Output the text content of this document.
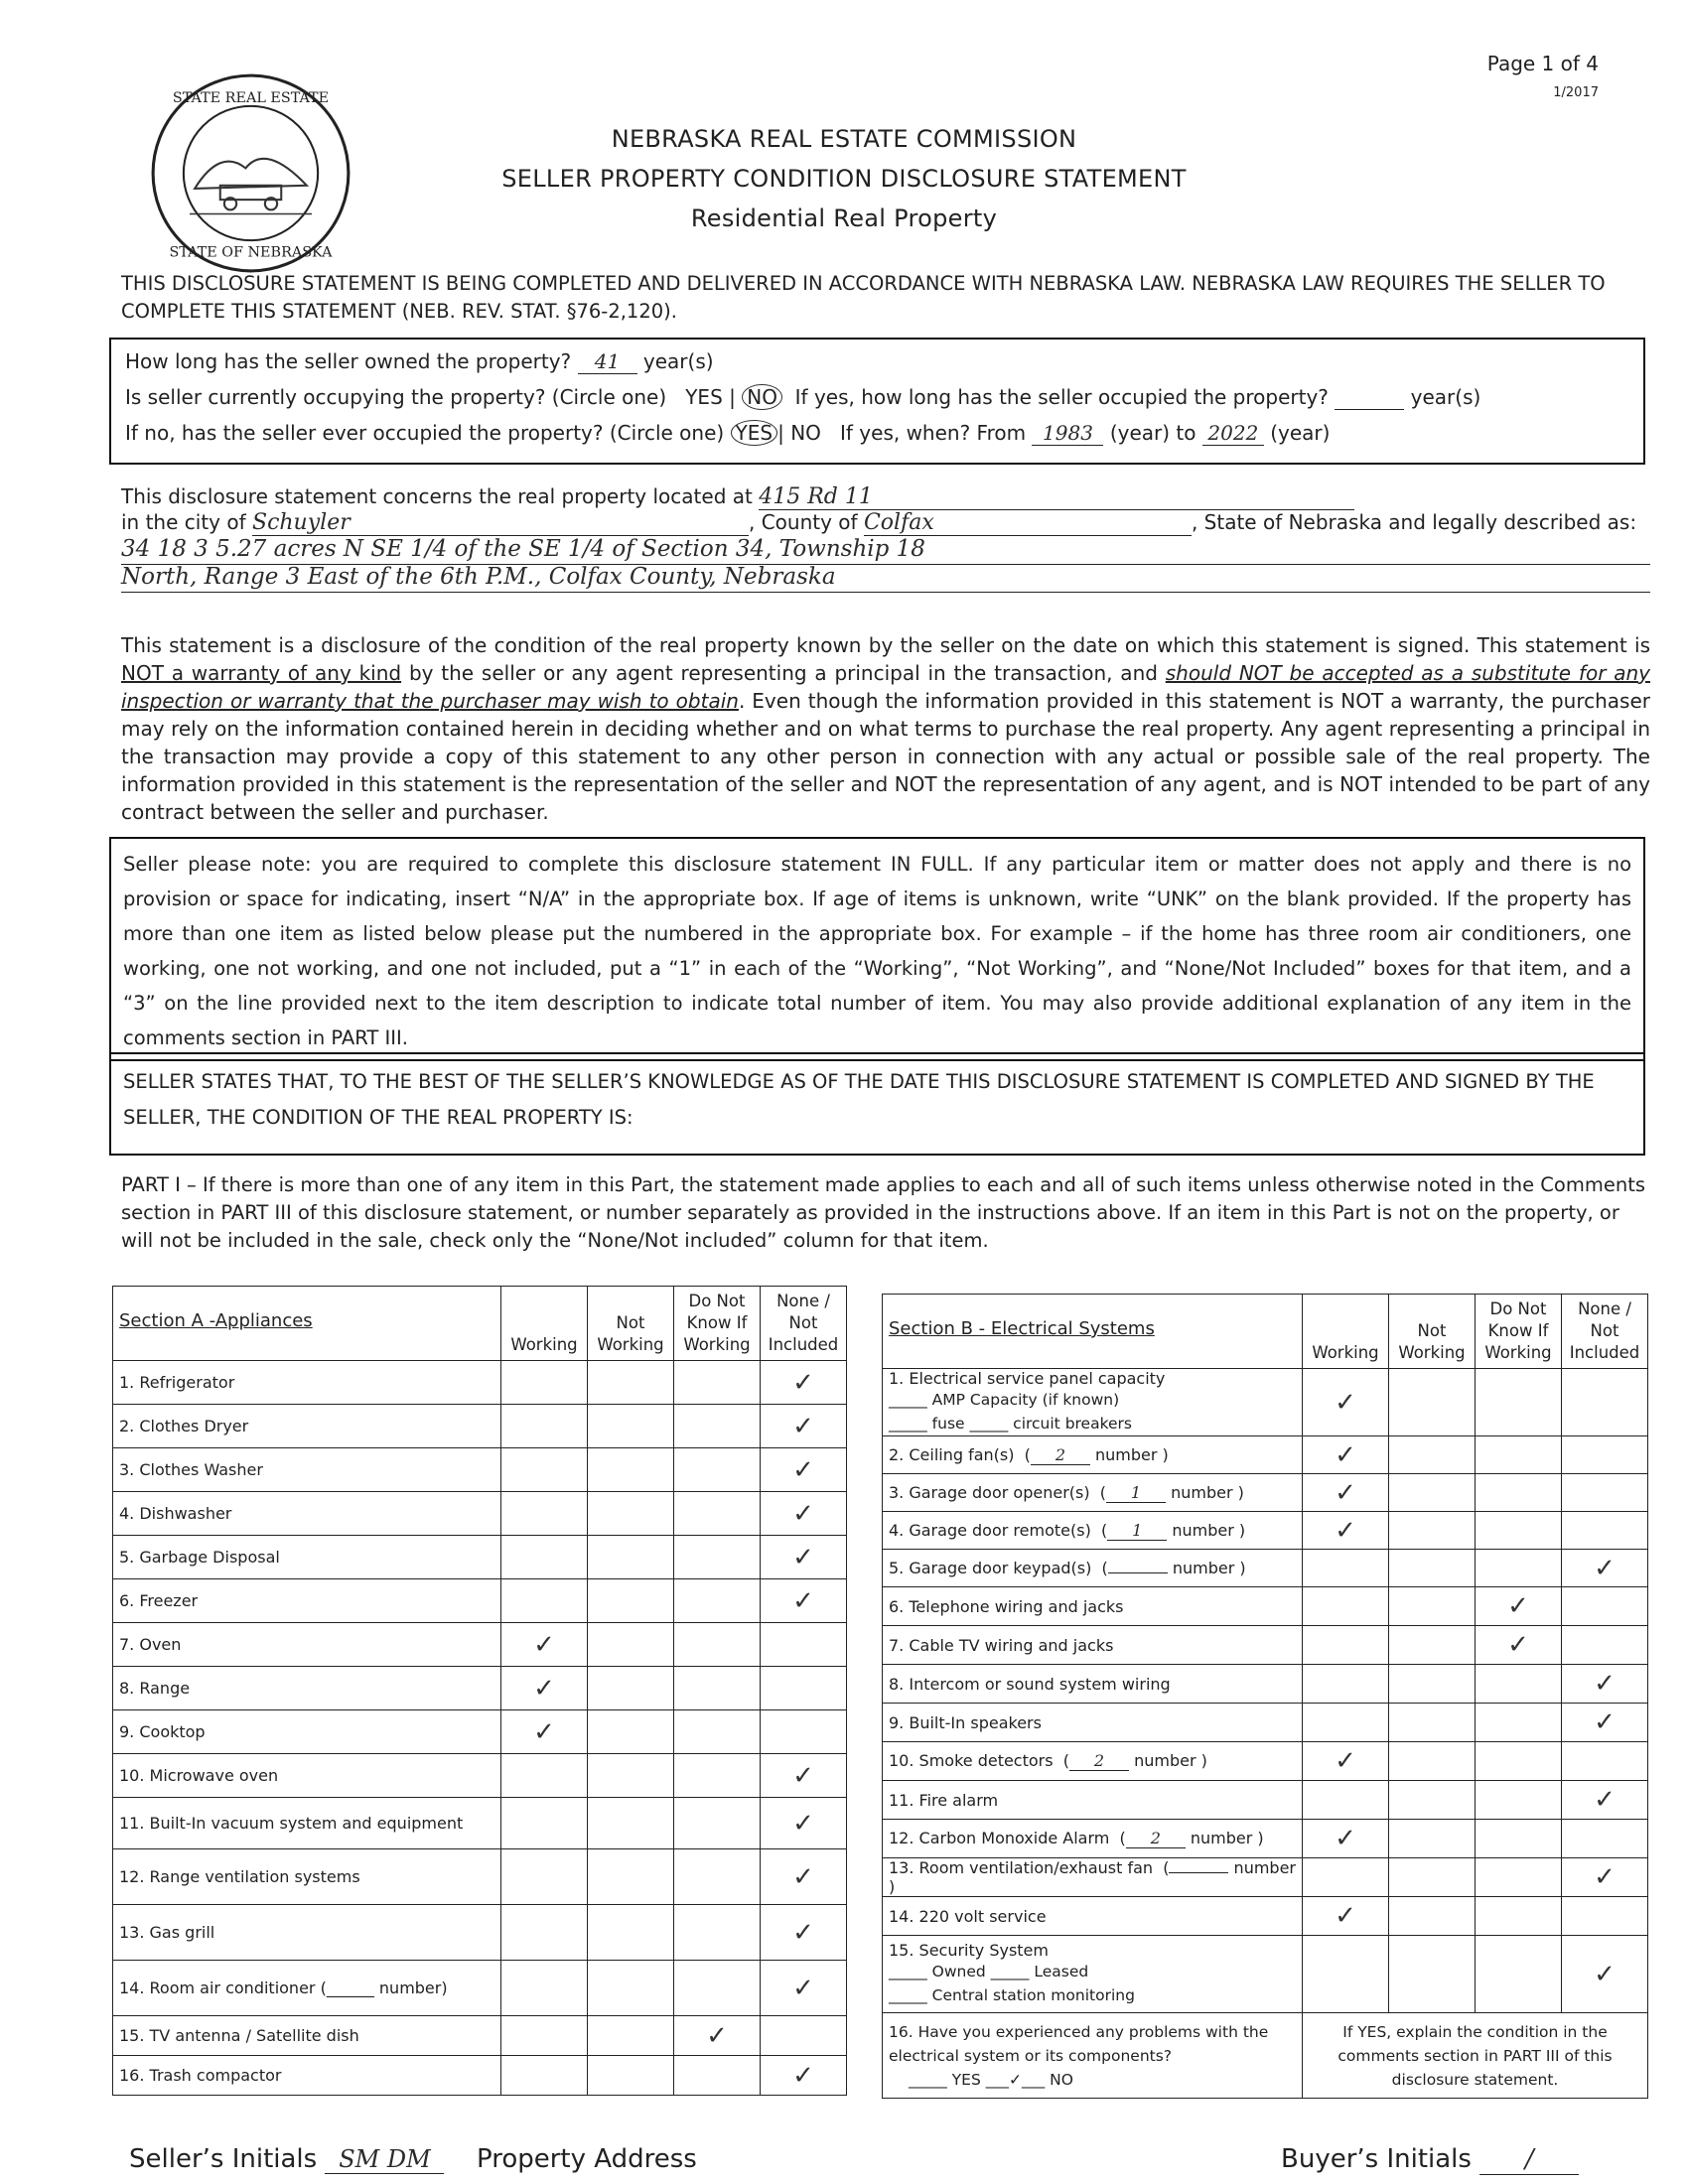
Page 1 of 4
1/2017
STATE REAL ESTATE
STATE OF NEBRASKA
NEBRASKA REAL ESTATE COMMISSION
SELLER PROPERTY CONDITION DISCLOSURE STATEMENT
Residential Real Property
THIS DISCLOSURE STATEMENT IS BEING COMPLETED AND DELIVERED IN ACCORDANCE WITH NEBRASKA LAW. NEBRASKA LAW REQUIRES THE SELLER TO COMPLETE THIS STATEMENT (NEB. REV. STAT. §76-2,120).
How long has the seller owned the property? 41 year(s)
Is seller currently occupying the property? (Circle one) YES | NO If yes, how long has the seller occupied the property?	year(s)
If no, has the seller ever occupied the property? (Circle one) YES | NO If yes, when? From 1983 (year) to 2022 (year)
This disclosure statement concerns the real property located at 415 Rd 11
in the city of Schuyler	, County of Colfax	, State of Nebraska and legally described as:
34 18 3 5.27 acres N SE 1/4 of the SE 1/4 of Section 34, Township 18
North, Range 3 East of the 6th P.M., Colfax County, Nebraska
This statement is a disclosure of the condition of the real property known by the seller on the date on which this statement is signed. This statement is NOT a warranty of any kind by the seller or any agent representing a principal in the transaction, and should NOT be accepted as a substitute for any inspection or warranty that the purchaser may wish to obtain. Even though the information provided in this statement is NOT a warranty, the purchaser may rely on the information contained herein in deciding whether and on what terms to purchase the real property. Any agent representing a principal in the transaction may provide a copy of this statement to any other person in connection with any actual or possible sale of the real property. The information provided in this statement is the representation of the seller and NOT the representation of any agent, and is NOT intended to be part of any contract between the seller and purchaser.
Seller please note: you are required to complete this disclosure statement IN FULL. If any particular item or matter does not apply and there is no provision or space for indicating, insert “N/A” in the appropriate box. If age of items is unknown, write “UNK” on the blank provided. If the property has more than one item as listed below please put the numbered in the appropriate box. For example – if the home has three room air conditioners, one working, one not working, and one not included, put a “1” in each of the “Working”, “Not Working”, and “None/Not Included” boxes for that item, and a “3” on the line provided next to the item description to indicate total number of item. You may also provide additional explanation of any item in the comments section in PART III.
SELLER STATES THAT, TO THE BEST OF THE SELLER’S KNOWLEDGE AS OF THE DATE THIS DISCLOSURE STATEMENT IS COMPLETED AND SIGNED BY THE SELLER, THE CONDITION OF THE REAL PROPERTY IS:
PART I – If there is more than one of any item in this Part, the statement made applies to each and all of such items unless otherwise noted in the Comments section in PART III of this disclosure statement, or number separately as provided in the instructions above. If an item in this Part is not on the property, or will not be included in the sale, check only the “None/Not included” column for that item.
Section A -Appliances	Working	Not Working	Do Not Know If Working	None / Not Included
1. Refrigerator				✓
2. Clothes Dryer				✓
3. Clothes Washer				✓
4. Dishwasher				✓
5. Garbage Disposal				✓
6. Freezer				✓
7. Oven	✓			
8. Range	✓			
9. Cooktop	✓			
10. Microwave oven				✓
11. Built-In vacuum system and equipment				✓
12. Range ventilation systems				✓
13. Gas grill				✓
14. Room air conditioner (______ number)				✓
15. TV antenna / Satellite dish			✓	
16. Trash compactor				✓
Section B - Electrical Systems	Working	Not Working	Do Not Know If Working	None / Not Included
1. Electrical service panel capacity
_____ AMP Capacity (if known)
_____ fuse _____ circuit breakers	✓			
2. Ceiling fan(s)  ( 2 number )	✓			
3. Garage door opener(s)  ( 1 number )	✓			
4. Garage door remote(s)  ( 1 number )	✓			
5. Garage door keypad(s)  ( number )				✓
6. Telephone wiring and jacks			✓	
7. Cable TV wiring and jacks			✓	
8. Intercom or sound system wiring				✓
9. Built-In speakers				✓
10. Smoke detectors  ( 2 number )	✓			
11. Fire alarm				✓
12. Carbon Monoxide Alarm  ( 2 number )	✓			
13. Room ventilation/exhaust fan  ( number )				✓
14. 220 volt service	✓			
15. Security System
_____ Owned _____ Leased
_____ Central station monitoring				✓

16. Have you experienced any problems with the electrical system or its components?
_____ YES ___✓___ NO	If YES, explain the condition in the comments section in PART III of this disclosure statement.			
Seller’s Initials SM DM	Property Address	Buyer’s Initials /
